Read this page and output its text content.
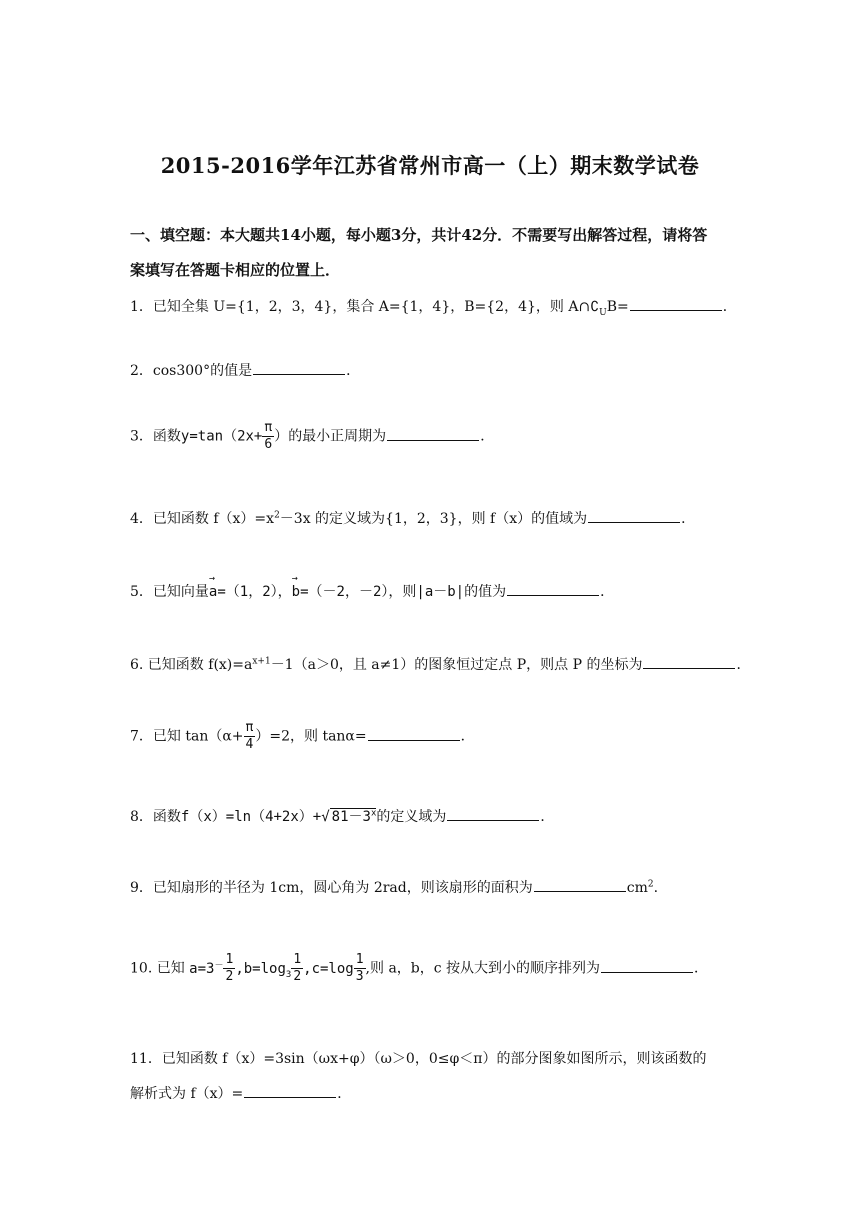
2015-2016学年江苏省常州市高一（上）期末数学试卷
一、填空题：本大题共14小题，每小题3分，共计42分．不需要写出解答过程，请将答
案填写在答题卡相应的位置上．
1．已知全集 U={1，2，3，4}，集合 A={1，4}，B={2，4}，则 $A\cap∁_UB=$	．
2．cos300°的值是	．
3．函数$y=\tan(2x+ \frac{\pi}{6}$ ）的最小正周期为	．
4．已知函数 $f(x)=x^2-3x$ 的定义域为{1，2，3}，则 f（x）的值域为	．
5．已知向量→ a=（1，2），→ b=（－2，－2），则|a－b|的值为	．
6. 已知函数 $f(x)=a^{x+1}-1(a>0$，且 a≠1）的图象恒过定点 P，则点 P 的坐标为	．
7．已知 $\tan(\alpha+ \frac{\pi}{4} )=2$，则 tanα=	．
8．函数f（x）=ln（4+2x）+√ $81-3^x$的定义域为	．
9．已知扇形的半径为 1cm，圆心角为 2rad，则该扇形的面积为	$cm^2$.
10. 已知 $a=3^- \frac{1}{2} ,b=\log_3 \frac{1}{2} ,c=\log \frac{1}{3}$ ,则 a，b，c 按从大到小的顺序排列为	．
11．已知函数 f（x）=3sin（ωx+φ）（ω＞0，0≤φ＜π）的部分图象如图所示，则该函数的
解析式为 f（x）=	．
